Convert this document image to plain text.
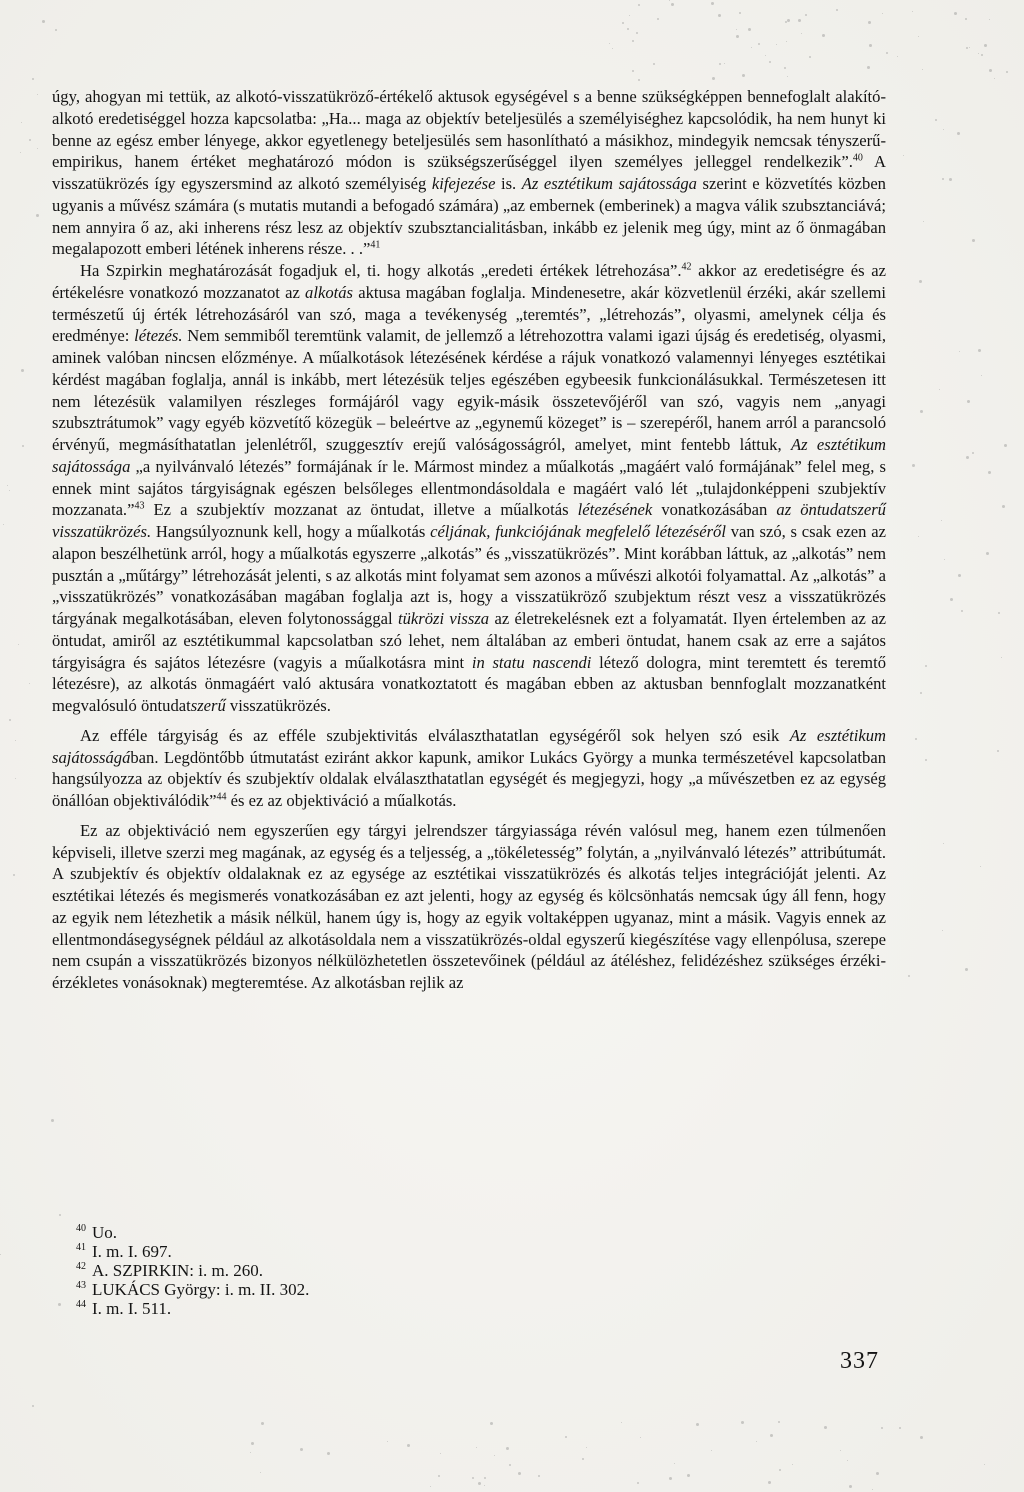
úgy, ahogyan mi tettük, az alkotó-visszatükröző-értékelő aktusok egységével s a benne szükségképpen bennefoglalt alakító-alkotó eredetiséggel hozza kapcsolatba: „Ha... maga az objektív beteljesülés a személyiséghez kapcsolódik, ha nem hunyt ki benne az egész ember lényege, akkor egyetlenegy beteljesülés sem hasonlítható a másikhoz, mindegyik nemcsak tényszerű-empirikus, hanem értéket meghatározó módon is szükségszerűséggel ilyen személyes jelleggel rendelkezik”.$^{40}$ A visszatükrözés így egyszersmind az alkotó személyiség kifejezése is. Az esztétikum sajátossága szerint e közvetítés közben ugyanis a művész számára (s mutatis mutandi a befogadó számára) „az embernek (emberinek) a magva válik szubsztanciává; nem annyira ő az, aki inherens rész lesz az objektív szubsztancialitásban, inkább ez jelenik meg úgy, mint az ő önmagában megalapozott emberi létének inherens része. . .”$^{41}$

Ha Szpirkin meghatározását fogadjuk el, ti. hogy alkotás „eredeti értékek létrehozása”.$^{42}$ akkor az eredetiségre és az értékelésre vonatkozó mozzanatot az alkotás aktusa magában foglalja. Mindenesetre, akár közvetlenül érzéki, akár szellemi természetű új érték létrehozásáról van szó, maga a tevékenység „teremtés”, „létrehozás”, olyasmi, amelynek célja és eredménye: létezés. Nem semmiből teremtünk valamit, de jellemző a létrehozottra valami igazi újság és eredetiség, olyasmi, aminek valóban nincsen előzménye. A műalkotások létezésének kérdése a rájuk vonatkozó valamennyi lényeges esztétikai kérdést magában foglalja, annál is inkább, mert létezésük teljes egészében egybeesik funkcionálásukkal. Természetesen itt nem létezésük valamilyen részleges formájáról vagy egyik-másik összetevőjéről van szó, vagyis nem „anyagi szubsztrátumok” vagy egyéb közvetítő közegük – beleértve az „egynemű közeget” is – szerepéről, hanem arról a parancsoló érvényű, megmásíthatatlan jelenlétről, szuggesztív erejű valóságosságról, amelyet, mint fentebb láttuk, Az esztétikum sajátossága „a nyilvánvaló létezés” formájának ír le. Mármost mindez a műalkotás „magáért való formájának” felel meg, s ennek mint sajátos tárgyiságnak egészen belsőleges ellentmondásoldala e magáért való lét „tulajdonképpeni szubjektív mozzanata.”$^{43}$ Ez a szubjektív mozzanat az öntudat, illetve a műalkotás létezésének vonatkozásában az öntudatszerű visszatükrözés. Hangsúlyoznunk kell, hogy a műalkotás céljának, funkciójának megfelelő létezéséről van szó, s csak ezen az alapon beszélhetünk arról, hogy a műalkotás egyszerre „alkotás” és „visszatükrözés”. Mint korábban láttuk, az „alkotás” nem pusztán a „műtárgy” létrehozását jelenti, s az alkotás mint folyamat sem azonos a művészi alkotói folyamattal. Az „alkotás” a „visszatükrözés” vonatkozásában magában foglalja azt is, hogy a visszatükröző szubjektum részt vesz a visszatükrözés tárgyának megalkotásában, eleven folytonossággal tükrözi vissza az életrekelésnek ezt a folyamatát. Ilyen értelemben az az öntudat, amiről az esztétikummal kapcsolatban szó lehet, nem általában az emberi öntudat, hanem csak az erre a sajátos tárgyiságra és sajátos létezésre (vagyis a műalkotásra mint in statu nascendi létező dologra, mint teremtett és teremtő létezésre), az alkotás önmagáért való aktusára vonatkoztatott és magában ebben az aktusban bennfoglalt mozzanatként megvalósuló öntudatszerű visszatükrözés.

Az efféle tárgyiság és az efféle szubjektivitás elválaszthatatlan egységéről sok helyen szó esik Az esztétikum sajátosságában. Legdöntőbb útmutatást eziránt akkor kapunk, amikor Lukács György a munka természetével kapcsolatban hangsúlyozza az objektív és szubjektív oldalak elválaszthatatlan egységét és megjegyzi, hogy „a művészetben ez az egység önállóan objektiválódik”$^{44}$ és ez az objektiváció a műalkotás.

Ez az objektiváció nem egyszerűen egy tárgyi jelrendszer tárgyiassága révén valósul meg, hanem ezen túlmenően képviseli, illetve szerzi meg magának, az egység és a teljesség, a „tökéletesség” folytán, a „nyilvánvaló létezés” attribútumát. A szubjektív és objektív oldalaknak ez az egysége az esztétikai visszatükrözés és alkotás teljes integrációját jelenti. Az esztétikai létezés és megismerés vonatkozásában ez azt jelenti, hogy az egység és kölcsönhatás nemcsak úgy áll fenn, hogy az egyik nem létezhetik a másik nélkül, hanem úgy is, hogy az egyik voltaképpen ugyanaz, mint a másik. Vagyis ennek az ellentmondásegységnek például az alkotásoldala nem a visszatükrözés-oldal egyszerű kiegészítése vagy ellenpólusa, szerepe nem csupán a visszatükrözés bizonyos nélkülözhetetlen összetevőinek (például az átéléshez, felidézéshez szükséges érzéki-érzékletes vonásoknak) megteremtése. Az alkotásban rejlik az

$^{40}$ Uo.
$^{41}$ I. m. I. 697.
$^{42}$ A. SZPIRKIN: i. m. 260.
$^{43}$ LUKÁCS György: i. m. II. 302.
$^{44}$ I. m. I. 511.
337
